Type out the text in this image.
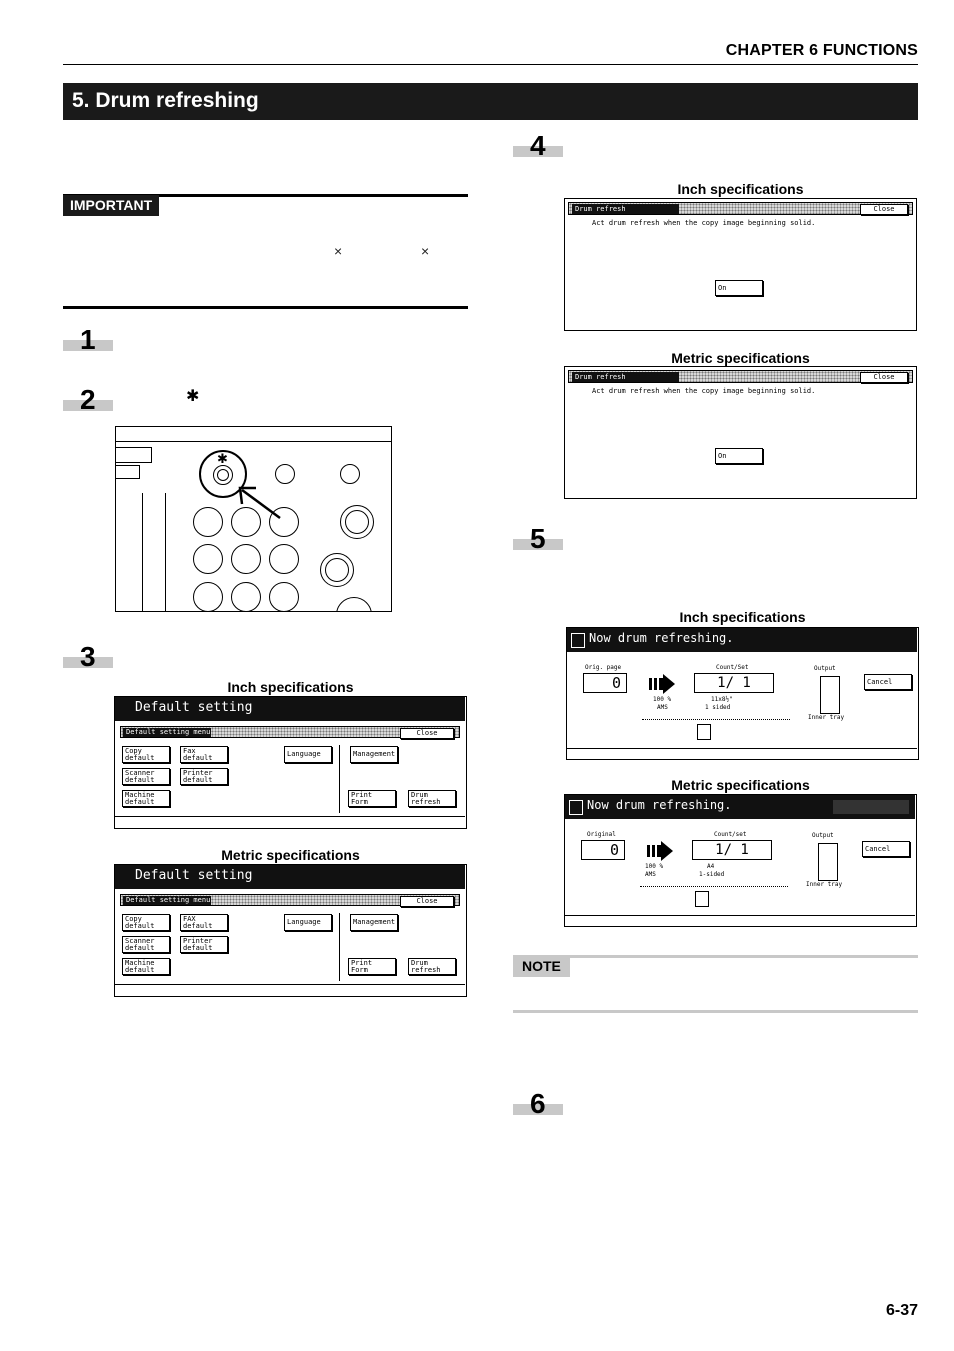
CHAPTER 6 FUNCTIONS
5. Drum refreshing
IMPORTANT
×	×
1
2	✱
✱
3
Inch specifications
Default setting
Default setting menu	Close
Copy default
Fax default	Language	Management
Scanner default
Printer default
Machine default
Print Form
Drum refresh
Metric specifications
Default setting
Default setting menu	Close
Copy default
FAX default	Language	Management
Scanner default
Printer default
Machine default
Print Form
Drum refresh
4
Inch specifications
Drum refresh	Close
Act drum refresh when the copy image beginning solid.
On
Metric specifications
Drum refresh	Close
Act drum refresh when the copy image beginning solid.
On
5
Inch specifications
Now drum refreshing.
Orig. page
0
Count/Set
1/ 1
100 %
AMS
11x8½"
1 sided
Output
Inner tray
Cancel
Metric specifications
Now drum refreshing.
Original
0
Count/set
1/ 1
100 %
AMS
A4
1-sided
Output
Inner tray
Cancel
NOTE
6
6-37
